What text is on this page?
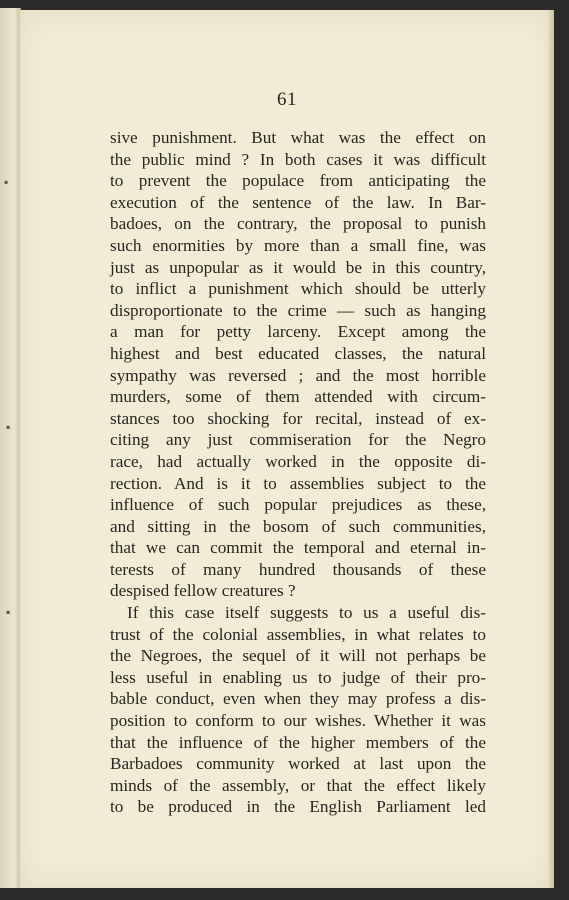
61
sive punishment. But what was the effect on
the public mind ? In both cases it was difficult
to prevent the populace from anticipating the
execution of the sentence of the law. In Bar-
badoes, on the contrary, the proposal to punish
such enormities by more than a small fine, was
just as unpopular as it would be in this country,
to inflict a punishment which should be utterly
disproportionate to the crime — such as hanging
a man for petty larceny. Except among the
highest and best educated classes, the natural
sympathy was reversed ; and the most horrible
murders, some of them attended with circum-
stances too shocking for recital, instead of ex-
citing any just commiseration for the Negro
race, had actually worked in the opposite di-
rection. And is it to assemblies subject to the
influence of such popular prejudices as these,
and sitting in the bosom of such communities,
that we can commit the temporal and eternal in-
terests of many hundred thousands of these
despised fellow creatures ?
If this case itself suggests to us a useful dis-
trust of the colonial assemblies, in what relates to
the Negroes, the sequel of it will not perhaps be
less useful in enabling us to judge of their pro-
bable conduct, even when they may profess a dis-
position to conform to our wishes. Whether it was
that the influence of the higher members of the
Barbadoes community worked at last upon the
minds of the assembly, or that the effect likely
to be produced in the English Parliament led
▪
▪
▪
